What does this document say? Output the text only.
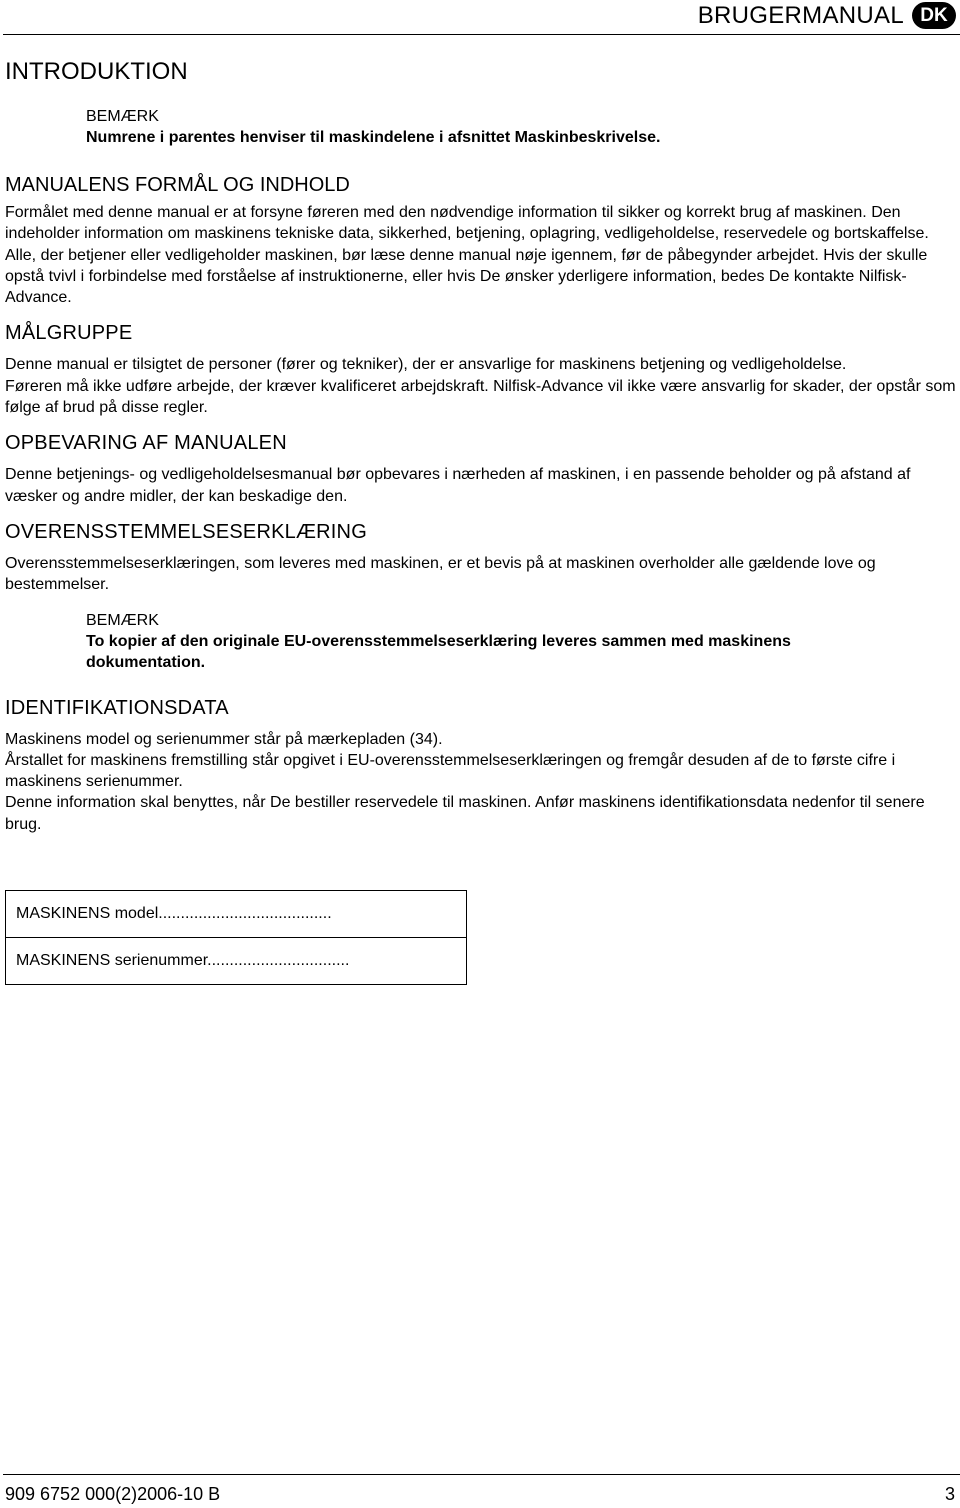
BRUGERMANUAL DK
INTRODUKTION
BEMÆRK
Numrene i parentes henviser til maskindelene i afsnittet Maskinbeskrivelse.
MANUALENS FORMÅL OG INDHOLD

Formålet med denne manual er at forsyne føreren med den nødvendige information til sikker og korrekt brug af maskinen. Den indeholder information om maskinens tekniske data, sikkerhed, betjening, oplagring, vedligeholdelse, reservedele og bortskaffelse.

Alle, der betjener eller vedligeholder maskinen, bør læse denne manual nøje igennem, før de påbegynder arbejdet. Hvis der skulle opstå tvivl i forbindelse med forståelse af instruktionerne, eller hvis De ønsker yderligere information, bedes De kontakte Nilfisk-Advance.

MÅLGRUPPE

Denne manual er tilsigtet de personer (fører og tekniker), der er ansvarlige for maskinens betjening og vedligeholdelse.

Føreren må ikke udføre arbejde, der kræver kvalificeret arbejdskraft. Nilfisk-Advance vil ikke være ansvarlig for skader, der opstår som følge af brud på disse regler.

OPBEVARING AF MANUALEN

Denne betjenings- og vedligeholdelsesmanual bør opbevares i nærheden af maskinen, i en passende beholder og på afstand af væsker og andre midler, der kan beskadige den.

OVERENSSTEMMELSESERKLÆRING

Overensstemmelseserklæringen, som leveres med maskinen, er et bevis på at maskinen overholder alle gældende love og bestemmelser.

BEMÆRK
To kopier af den originale EU-overensstemmelseserklæring leveres sammen med maskinens dokumentation.
IDENTIFIKATIONSDATA

Maskinens model og serienummer står på mærkepladen (34).

Årstallet for maskinens fremstilling står opgivet i EU-overensstemmelseserklæringen og fremgår desuden af de to første cifre i maskinens serienummer.

Denne information skal benyttes, når De bestiller reservedele til maskinen. Anfør maskinens identifikationsdata nedenfor til senere brug.

MASKINENS model.......................................
MASKINENS serienummer................................
909 6752 000(2)2006-10 B	3
